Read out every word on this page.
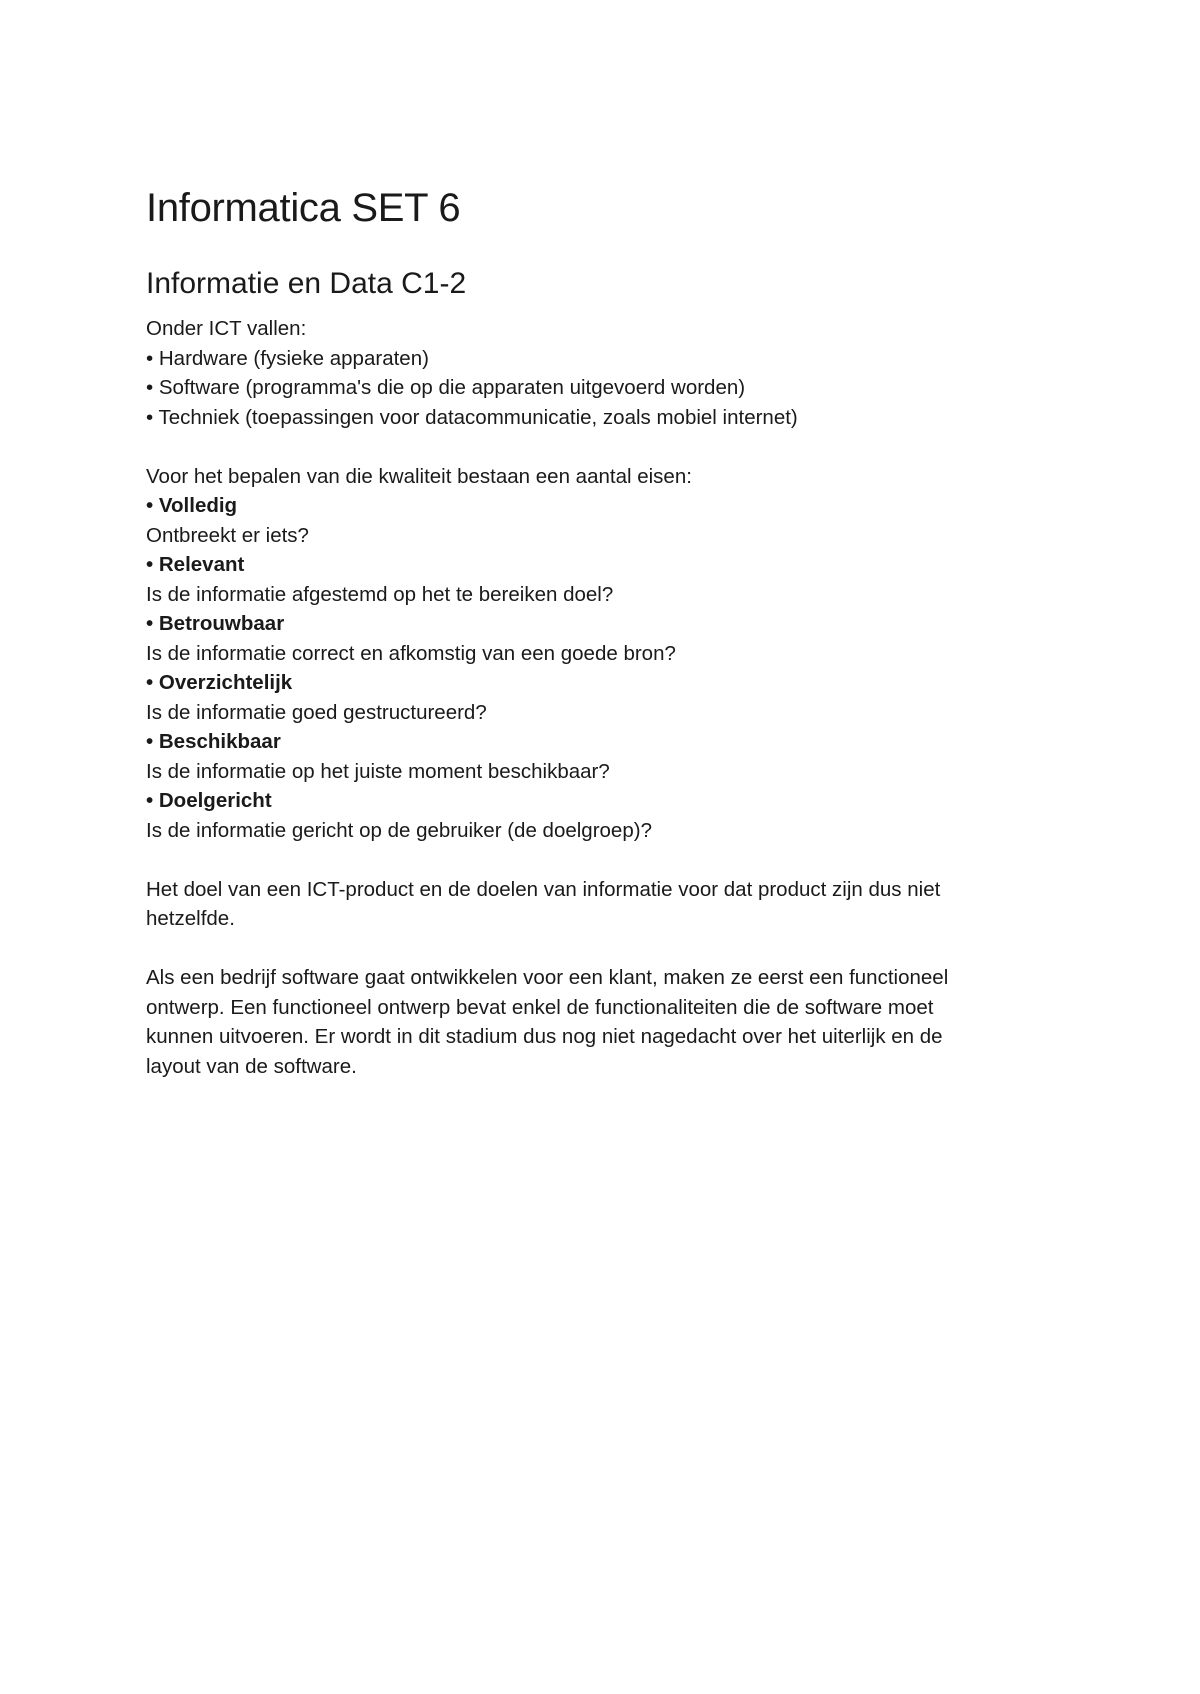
Informatica SET 6
Informatie en Data C1-2

Onder ICT vallen:

• Hardware (fysieke apparaten)

• Software (programma's die op die apparaten uitgevoerd worden)

• Techniek (toepassingen voor datacommunicatie, zoals mobiel internet)

Voor het bepalen van die kwaliteit bestaan een aantal eisen:

• Volledig

Ontbreekt er iets?

• Relevant

Is de informatie afgestemd op het te bereiken doel?

• Betrouwbaar

Is de informatie correct en afkomstig van een goede bron?

• Overzichtelijk

Is de informatie goed gestructureerd?

• Beschikbaar

Is de informatie op het juiste moment beschikbaar?

• Doelgericht

Is de informatie gericht op de gebruiker (de doelgroep)?

Het doel van een ICT-product en de doelen van informatie voor dat product zijn dus niet
hetzelfde.

Als een bedrijf software gaat ontwikkelen voor een klant, maken ze eerst een functioneel
ontwerp. Een functioneel ontwerp bevat enkel de functionaliteiten die de software moet
kunnen uitvoeren. Er wordt in dit stadium dus nog niet nagedacht over het uiterlijk en de
layout van de software.
